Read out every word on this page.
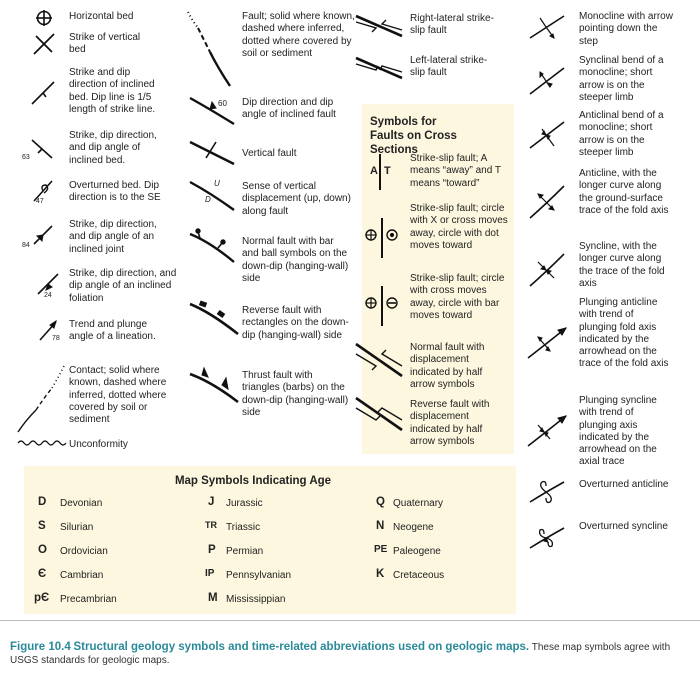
Horizontal bed
Strike of vertical bed
Strike and dip direction of inclined bed. Dip line is 1/5 length of strike line.
63
Strike, dip direction, and dip angle of inclined bed.
47
Overturned bed. Dip direction is to the SE
84
Strike, dip direction, and dip angle of an inclined joint
24
Strike, dip direction, and dip angle of an inclined foliation
78
Trend and plunge angle of a lineation.
Contact; solid where known, dashed where inferred, dotted where covered by soil or sediment
Unconformity
Fault; solid where known, dashed where inferred, dotted where covered by soil or sediment
60 Dip direction and dip angle of inclined fault
Vertical fault
U
D
Sense of vertical displacement (up, down) along fault
Normal fault with bar and ball symbols on the down-dip (hanging-wall) side
Reverse fault with rectangles on the down-dip (hanging-wall) side
Thrust fault with triangles (barbs) on the down-dip (hanging-wall) side
Right-lateral strike-slip fault
Left-lateral strike-slip fault
Symbols for Faults on Cross Sections
A T
Strike-slip fault; A means “away” and T means “toward”
Strike-slip fault; circle with X or cross moves away, circle with dot moves toward
Strike-slip fault; circle with cross moves away, circle with bar moves toward
Normal fault with displacement indicated by half arrow symbols
Reverse fault with displacement indicated by half arrow symbols
Monocline with arrow pointing down the step
Synclinal bend of a monocline; short arrow is on the steeper limb
Anticlinal bend of a monocline; short arrow is on the steeper limb
Anticline, with the longer curve along the ground-surface trace of the fold axis
Syncline, with the longer curve along the trace of the fold axis
Plunging anticline with trend of plunging fold axis indicated by the arrowhead on the trace of the fold axis
Plunging syncline with trend of plunging axis indicated by the arrowhead on the axial trace
Overturned anticline
Overturned syncline
Map Symbols Indicating Age
D Devonian
S Silurian
O Ordovician
Є Cambrian
pЄ Precambrian
J Jurassic
TR Triassic
P Permian
IP Pennsylvanian
M Mississippian
Q Quaternary
N Neogene
PE Paleogene
K Cretaceous
Figure 10.4 Structural geology symbols and time-related abbreviations used on geologic maps. These map symbols agree with USGS standards for geologic maps.
